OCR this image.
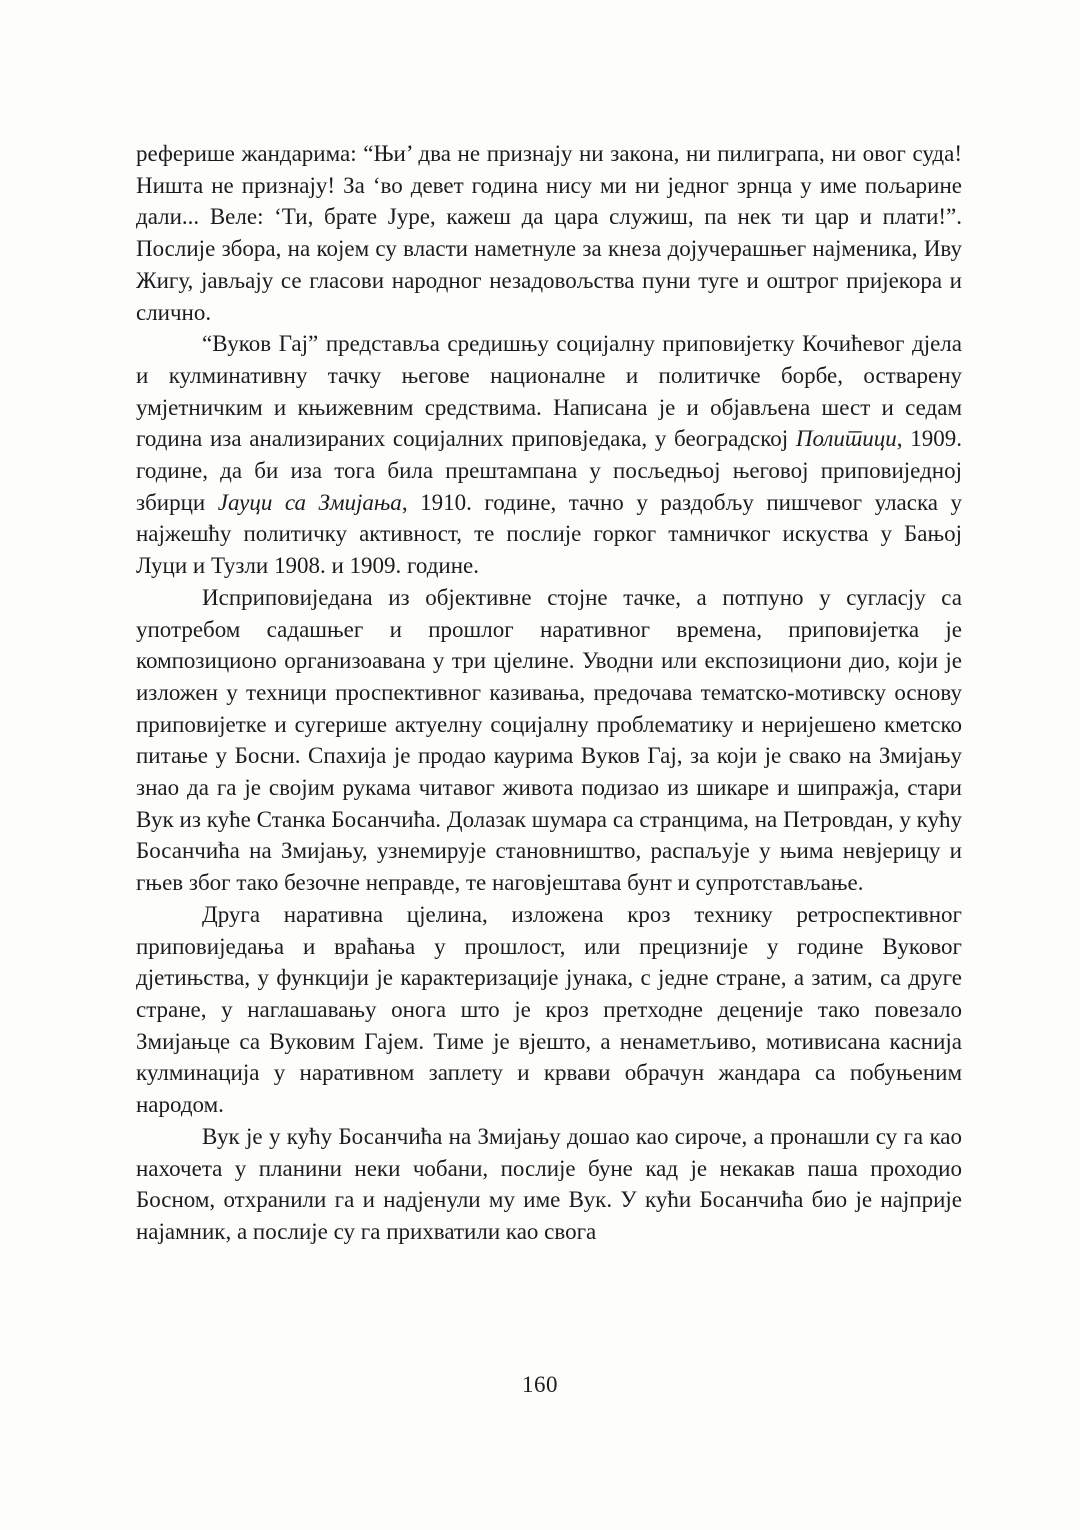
реферише жандарима: “Њи’ два не признају ни закона, ни пилиграпа, ни овог суда! Ништа не признају! За ‘во девет година нису ми ни једног зрнца у име пољарине дали... Веле: ‘Ти, брате Јуре, кажеш да цара служиш, па нек ти цар и плати!”. Послије збора, на којем су власти наметнуле за кнеза дојучерашњег најменика, Иву Жигу, јављају се гласови народног незадовољства пуни туге и оштрог пријекора и слично.

“Вуков Гај” представља средишњу социјалну приповијетку Кочићевог дјела и кулминативну тачку његове националне и политичке борбе, остварену умјетничким и књижевним средствима. Написана је и објављена шест и седам година иза анализираних социјалних приповједака, у београдској Политици, 1909. године, да би иза тога била прештампана у посљедњој његовој приповиједној збирци Јауци са Змијања, 1910. године, тачно у раздобљу пишчевог уласка у најжешћу политичку активност, те послије горког тамничког искуства у Бањој Луци и Тузли 1908. и 1909. године.

Исприповиједана из објективне стојне тачке, а потпуно у сугласју са употребом садашњег и прошлог наративног времена, приповијетка је композиционо организоавана у три цјелине. Уводни или експозициони дио, који је изложен у техници проспективног казивања, предочава тематско-мотивску основу приповијетке и сугерише актуелну социјалну проблематику и неријешено кметско питање у Босни. Спахија је продао каурима Вуков Гај, за који је свако на Змијању знао да га је својим рукама читавог живота подизао из шикаре и шипражја, стари Вук из куће Станка Босанчића. Долазак шумара са странцима, на Петровдан, у кућу Босанчића на Змијању, узнемирује становништво, распаљује у њима невјерицу и гњев због тако безочне неправде, те наговјештава бунт и супротстављање.

Друга наративна цјелина, изложена кроз технику ретроспективног приповиједања и враћања у прошлост, или прецизније у године Вуковог дјетињства, у функцији је карактеризације јунака, с једне стране, а затим, са друге стране, у наглашавању онога што је кроз претходне деценије тако повезало Змијањце са Вуковим Гајем. Тиме је вјешто, а ненаметљиво, мотивисана каснија кулминација у наративном заплету и крвави обрачун жандара са побуњеним народом.

Вук је у кућу Босанчића на Змијању дошао као сироче, а пронашли су га као нахочета у планини неки чобани, послије буне кад је некакав паша проходио Босном, отхранили га и надјенули му име Вук. У кући Босанчића био је најприје најамник, а послије су га прихватили као свога

160
